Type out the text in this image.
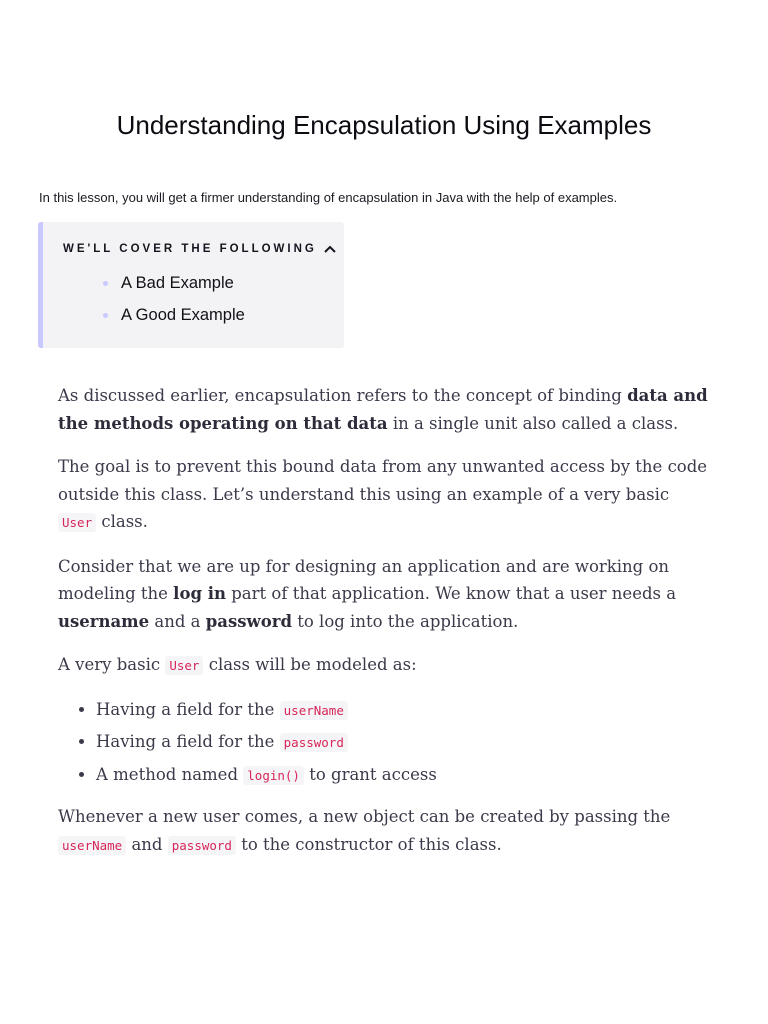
Understanding Encapsulation Using Examples

In this lesson, you will get a firmer understanding of encapsulation in Java with the help of examples.

WE'LL COVER THE FOLLOWING
A Bad Example
A Good Example

As discussed earlier, encapsulation refers to the concept of binding data and the methods operating on that data in a single unit also called a class.

The goal is to prevent this bound data from any unwanted access by the code outside this class. Let’s understand this using an example of a very basic User class.

Consider that we are up for designing an application and are working on modeling the log in part of that application. We know that a user needs a username and a password to log into the application.

A very basic User class will be modeled as:

• Having a field for the userName
• Having a field for the password
• A method named login() to grant access

Whenever a new user comes, a new object can be created by passing the userName and password to the constructor of this class.
